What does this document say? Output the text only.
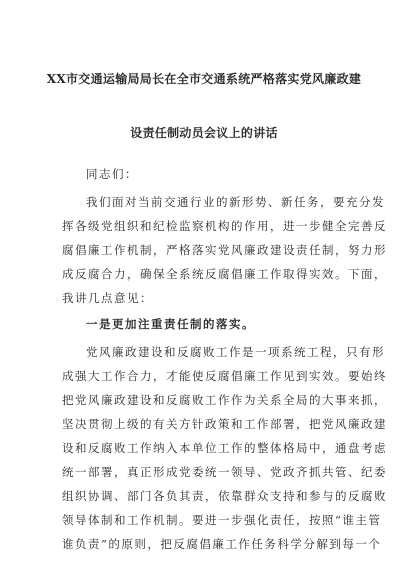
XX市交通运输局局长在全市交通系统严格落实党风廉政建
设责任制动员会议上的讲话
同志们：
我们面对当前交通行业的新形势、新任务，要充分发
挥各级党组织和纪检监察机构的作用，进一步健全完善反
腐倡廉工作机制，严格落实党风廉政建设责任制，努力形
成反腐合力，确保全系统反腐倡廉工作取得实效。下面，
我讲几点意见：
一是更加注重责任制的落实。
党风廉政建设和反腐败工作是一项系统工程，只有形
成强大工作合力，才能使反腐倡廉工作见到实效。要始终
把党风廉政建设和反腐败工作作为关系全局的大事来抓，
坚决贯彻上级的有关方针政策和工作部署，把党风廉政建
设和反腐败工作纳入本单位工作的整体格局中，通盘考虑
统一部署，真正形成党委统一领导、党政齐抓共管、纪委
组织协调、部门各负其责，依靠群众支持和参与的反腐败
领导体制和工作机制。要进一步强化责任，按照“谁主管
谁负责”的原则，把反腐倡廉工作任务科学分解到每一个
